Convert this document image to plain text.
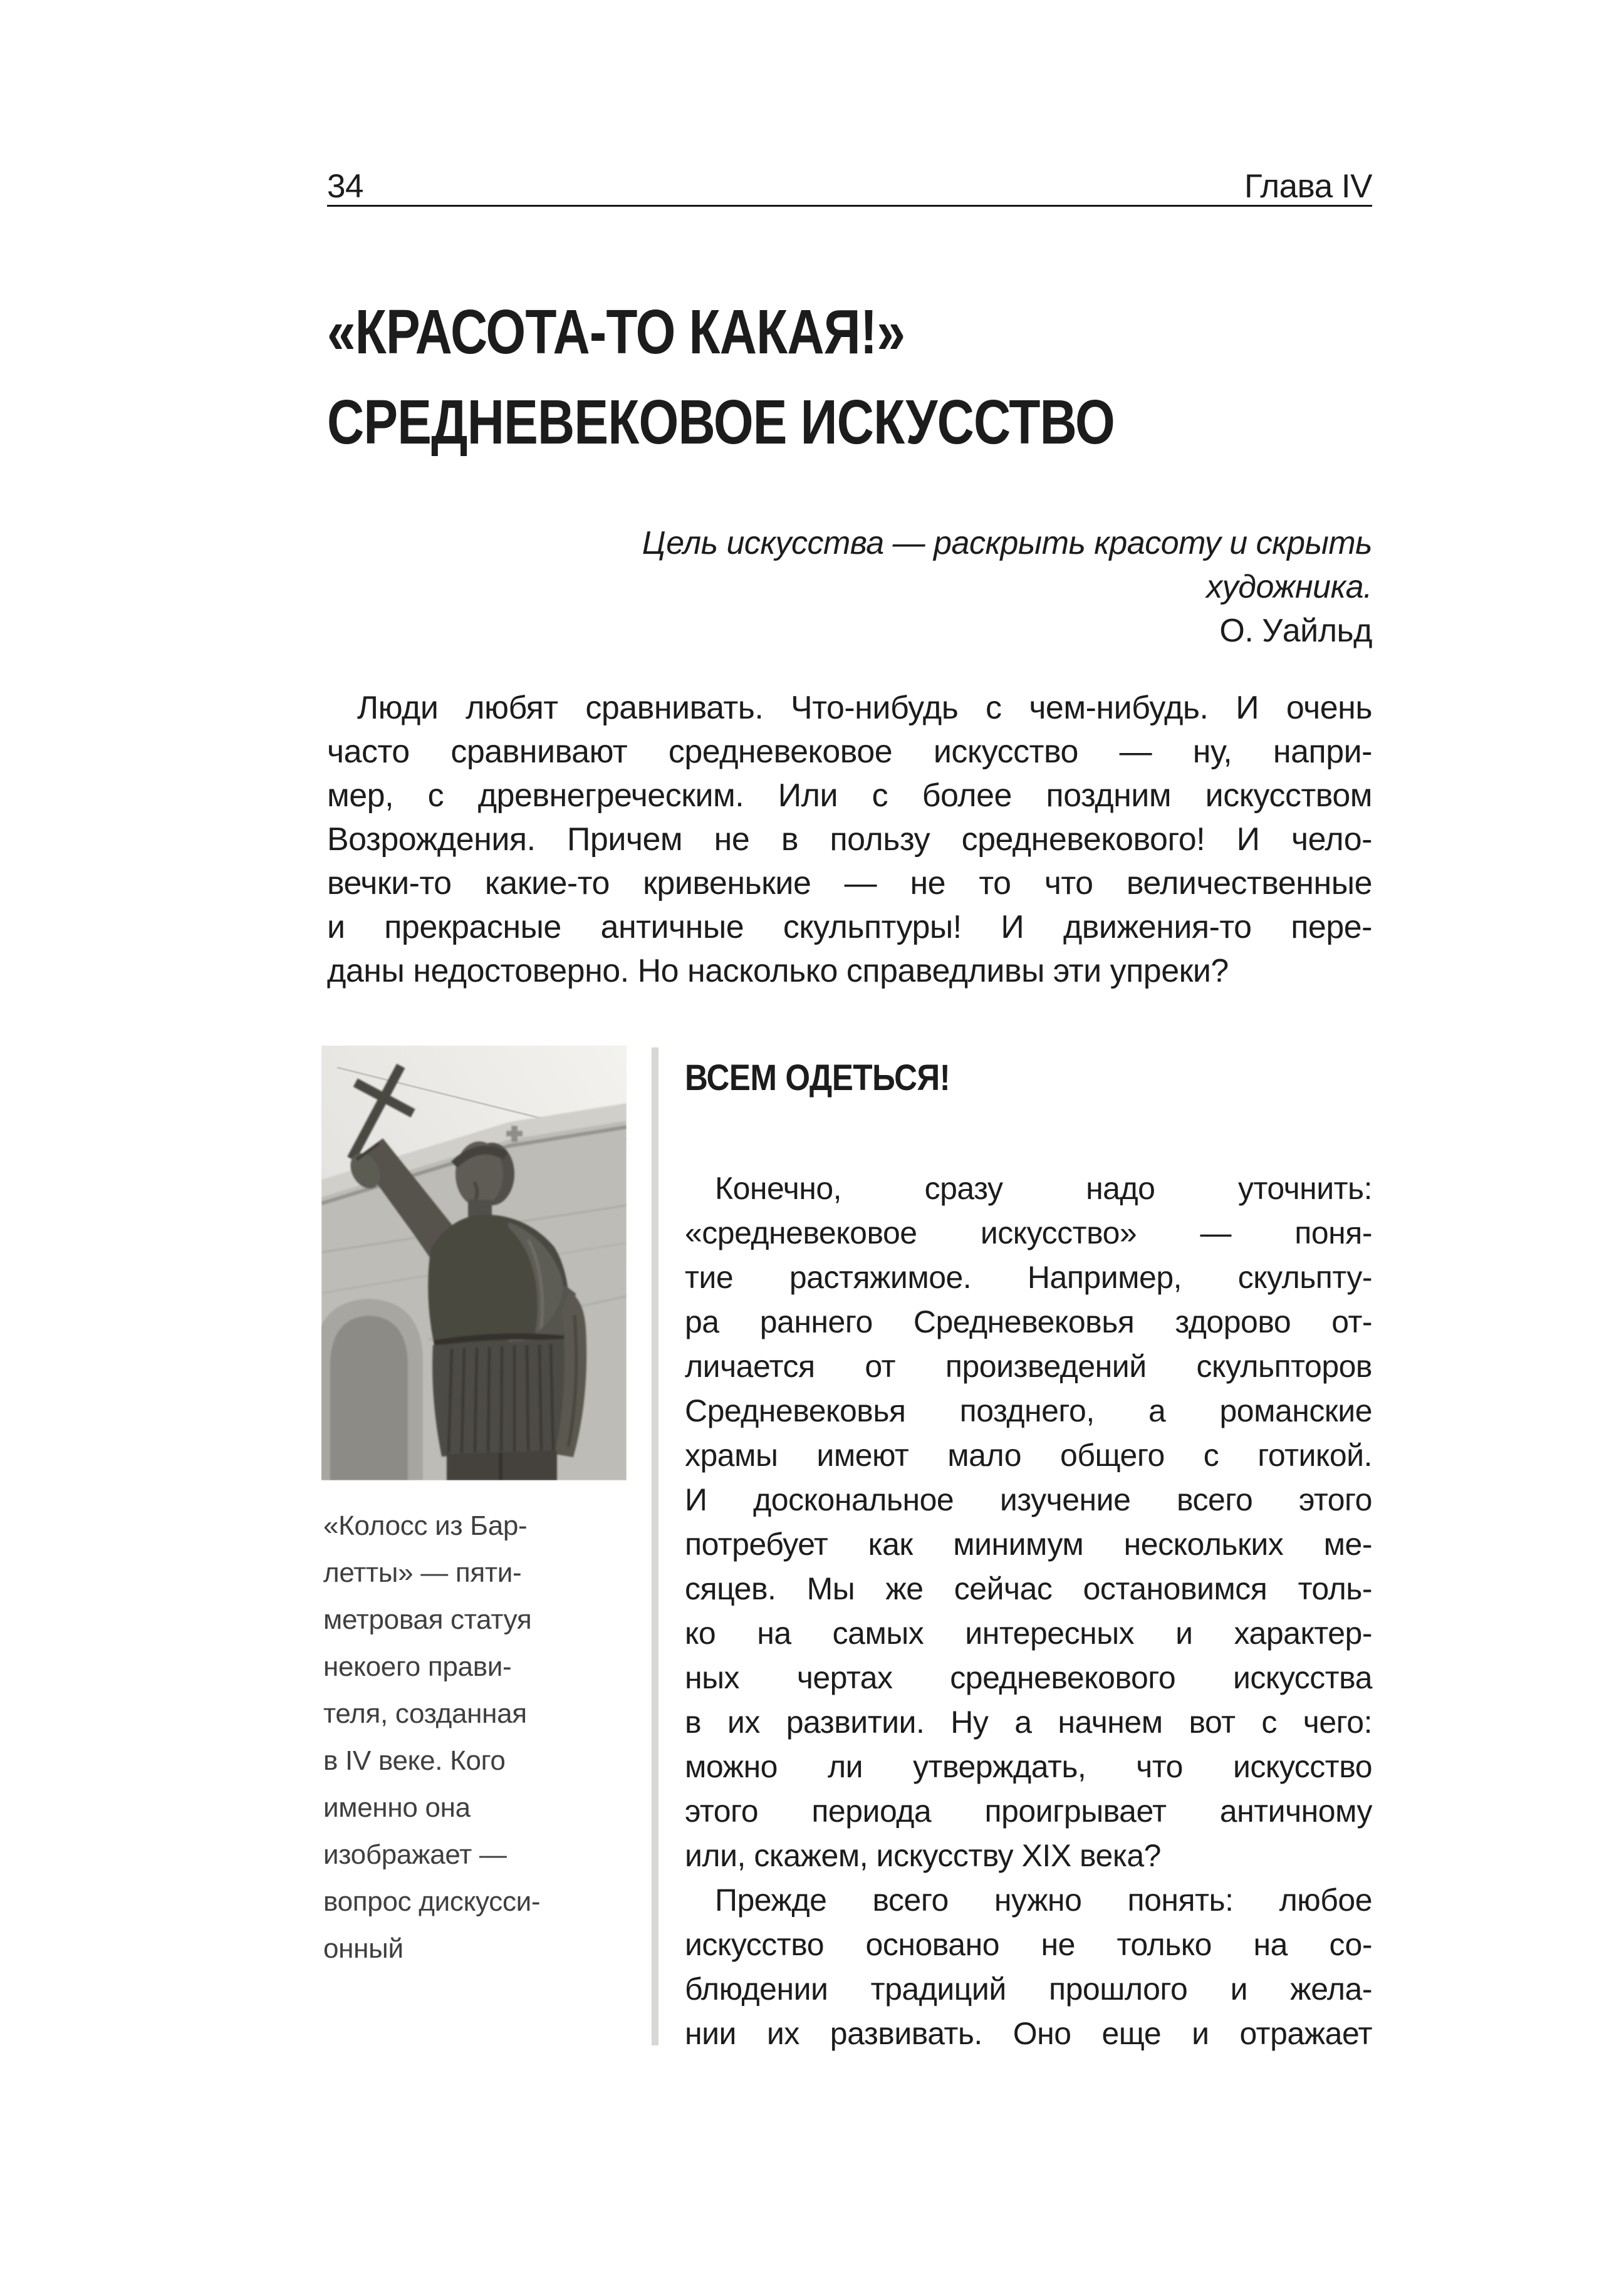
34	Глава IV
«КРАСОТА-ТО КАКАЯ!»
СРЕДНЕВЕКОВОЕ ИСКУССТВО
Цель искусства — раскрыть красоту и скрыть
художника.
О. Уайльд
Люди любят сравнивать. Что-нибудь с чем-нибудь. И очень
часто сравнивают средневековое искусство — ну, напри-
мер, с древнегреческим. Или с более поздним искусством
Возрождения. Причем не в пользу средневекового! И чело-
вечки-то какие-то кривенькие — не то что величественные
и прекрасные античные скульптуры! И движения-то пере-
даны недостоверно. Но насколько справедливы эти упреки?
«Колосс из Бар-
летты» — пяти-
метровая статуя
некоего прави-
теля, созданная
в IV веке. Кого
именно она
изображает —
вопрос дискусси-
онный
ВСЕМ ОДЕТЬСЯ!
Конечно, сразу надо уточнить:
«средневековое искусство» — поня-
тие растяжимое. Например, скульпту-
ра раннего Средневековья здорово от-
личается от произведений скульпторов
Средневековья позднего, а романские
храмы имеют мало общего с готикой.
И доскональное изучение всего этого
потребует как минимум нескольких ме-
сяцев. Мы же сейчас остановимся толь-
ко на самых интересных и характер-
ных чертах средневекового искусства
в их развитии. Ну а начнем вот с чего:
можно ли утверждать, что искусство
этого периода проигрывает античному
или, скажем, искусству XIX века?
Прежде всего нужно понять: любое
искусство основано не только на со-
блюдении традиций прошлого и жела-
нии их развивать. Оно еще и отражает
